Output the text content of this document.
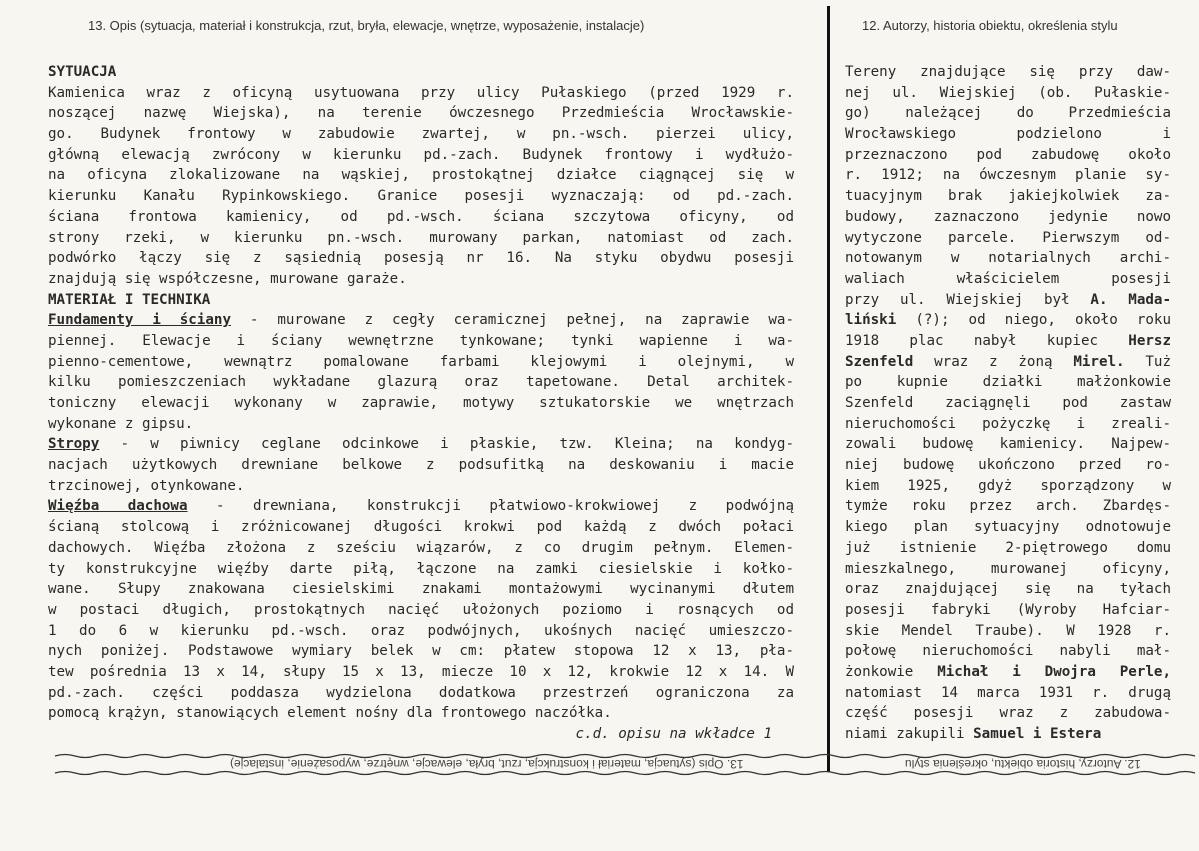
13. Opis (sytuacja, materiał i konstrukcja, rzut, bryła, elewacje, wnętrze, wyposażenie, instalacje)	12. Autorzy, historia obiektu, określenia stylu
SYTUACJA
Kamienica wraz z oficyną usytuowana przy ulicy Pułaskiego (przed 1929 r.
noszącej nazwę Wiejska), na terenie ówczesnego Przedmieścia Wrocławskie-
go. Budynek frontowy w zabudowie zwartej, w pn.-wsch. pierzei ulicy,
główną elewacją zwrócony w kierunku pd.-zach. Budynek frontowy i wydłużo-
na oficyna zlokalizowane na wąskiej, prostokątnej działce ciągnącej się w
kierunku Kanału Rypinkowskiego. Granice posesji wyznaczają: od pd.-zach.
ściana frontowa kamienicy, od pd.-wsch. ściana szczytowa oficyny, od
strony rzeki, w kierunku pn.-wsch. murowany parkan, natomiast od zach.
podwórko łączy się z sąsiednią posesją nr 16. Na styku obydwu posesji
znajdują się współczesne, murowane garaże.
MATERIAŁ I TECHNIKA
Fundamenty i ściany - murowane z cegły ceramicznej pełnej, na zaprawie wa-
piennej. Elewacje i ściany wewnętrzne tynkowane; tynki wapienne i wa-
pienno-cementowe, wewnątrz pomalowane farbami klejowymi i olejnymi, w
kilku pomieszczeniach wykładane glazurą oraz tapetowane. Detal architek-
toniczny elewacji wykonany w zaprawie, motywy sztukatorskie we wnętrzach
wykonane z gipsu.
Stropy - w piwnicy ceglane odcinkowe i płaskie, tzw. Kleina; na kondyg-
nacjach użytkowych drewniane belkowe z podsufitką na deskowaniu i macie
trzcinowej, otynkowane.
Więźba dachowa - drewniana, konstrukcji płatwiowo-krokwiowej z podwójną
ścianą stolcową i zróżnicowanej długości krokwi pod każdą z dwóch połaci
dachowych. Więźba złożona z sześciu wiązarów, z co drugim pełnym. Elemen-
ty konstrukcyjne więźby darte piłą, łączone na zamki ciesielskie i kołko-
wane. Słupy znakowana ciesielskimi znakami montażowymi wycinanymi dłutem
w postaci długich, prostokątnych nacięć ułożonych poziomo i rosnących od
1 do 6 w kierunku pd.-wsch. oraz podwójnych, ukośnych nacięć umieszczo-
nych poniżej. Podstawowe wymiary belek w cm: płatew stopowa 12 x 13, pła-
tew pośrednia 13 x 14, słupy 15 x 13, miecze 10 x 12, krokwie 12 x 14. W
pd.-zach. części poddasza wydzielona dodatkowa przestrzeń ograniczona za
pomocą krążyn, stanowiących element nośny dla frontowego naczółka.
c.d. opisu na wkładce 1
Tereny znajdujące się przy daw-
nej ul. Wiejskiej (ob. Pułaskie-
go) należącej do Przedmieścia
Wrocławskiego podzielono i
przeznaczono pod zabudowę około
r. 1912; na ówczesnym planie sy-
tuacyjnym brak jakiejkolwiek za-
budowy, zaznaczono jedynie nowo
wytyczone parcele. Pierwszym od-
notowanym w notarialnych archi-
waliach właścicielem posesji
przy ul. Wiejskiej był A. Mada-
liński (?); od niego, około roku
1918 plac nabył kupiec Hersz
Szenfeld wraz z żoną Mirel. Tuż
po kupnie działki małżonkowie
Szenfeld zaciągnęli pod zastaw
nieruchomości pożyczkę i zreali-
zowali budowę kamienicy. Najpew-
niej budowę ukończono przed ro-
kiem 1925, gdyż sporządzony w
tymże roku przez arch. Zbardęs-
kiego plan sytuacyjny odnotowuje
już istnienie 2-piętrowego domu
mieszkalnego, murowanej oficyny,
oraz znajdującej się na tyłach
posesji fabryki (Wyroby Hafciar-
skie Mendel Traube). W 1928 r.
połowę nieruchomości nabyli mał-
żonkowie Michał i Dwojra Perle,
natomiast 14 marca 1931 r. drugą
część posesji wraz z zabudowa-
niami zakupili Samuel i Estera
13. Opis (sytuacja, materiał i konstrukcja, rzut, bryła, elewacje, wnętrze, wyposażenie, instalacje)	12. Autorzy, historia obiektu, określenia stylu
